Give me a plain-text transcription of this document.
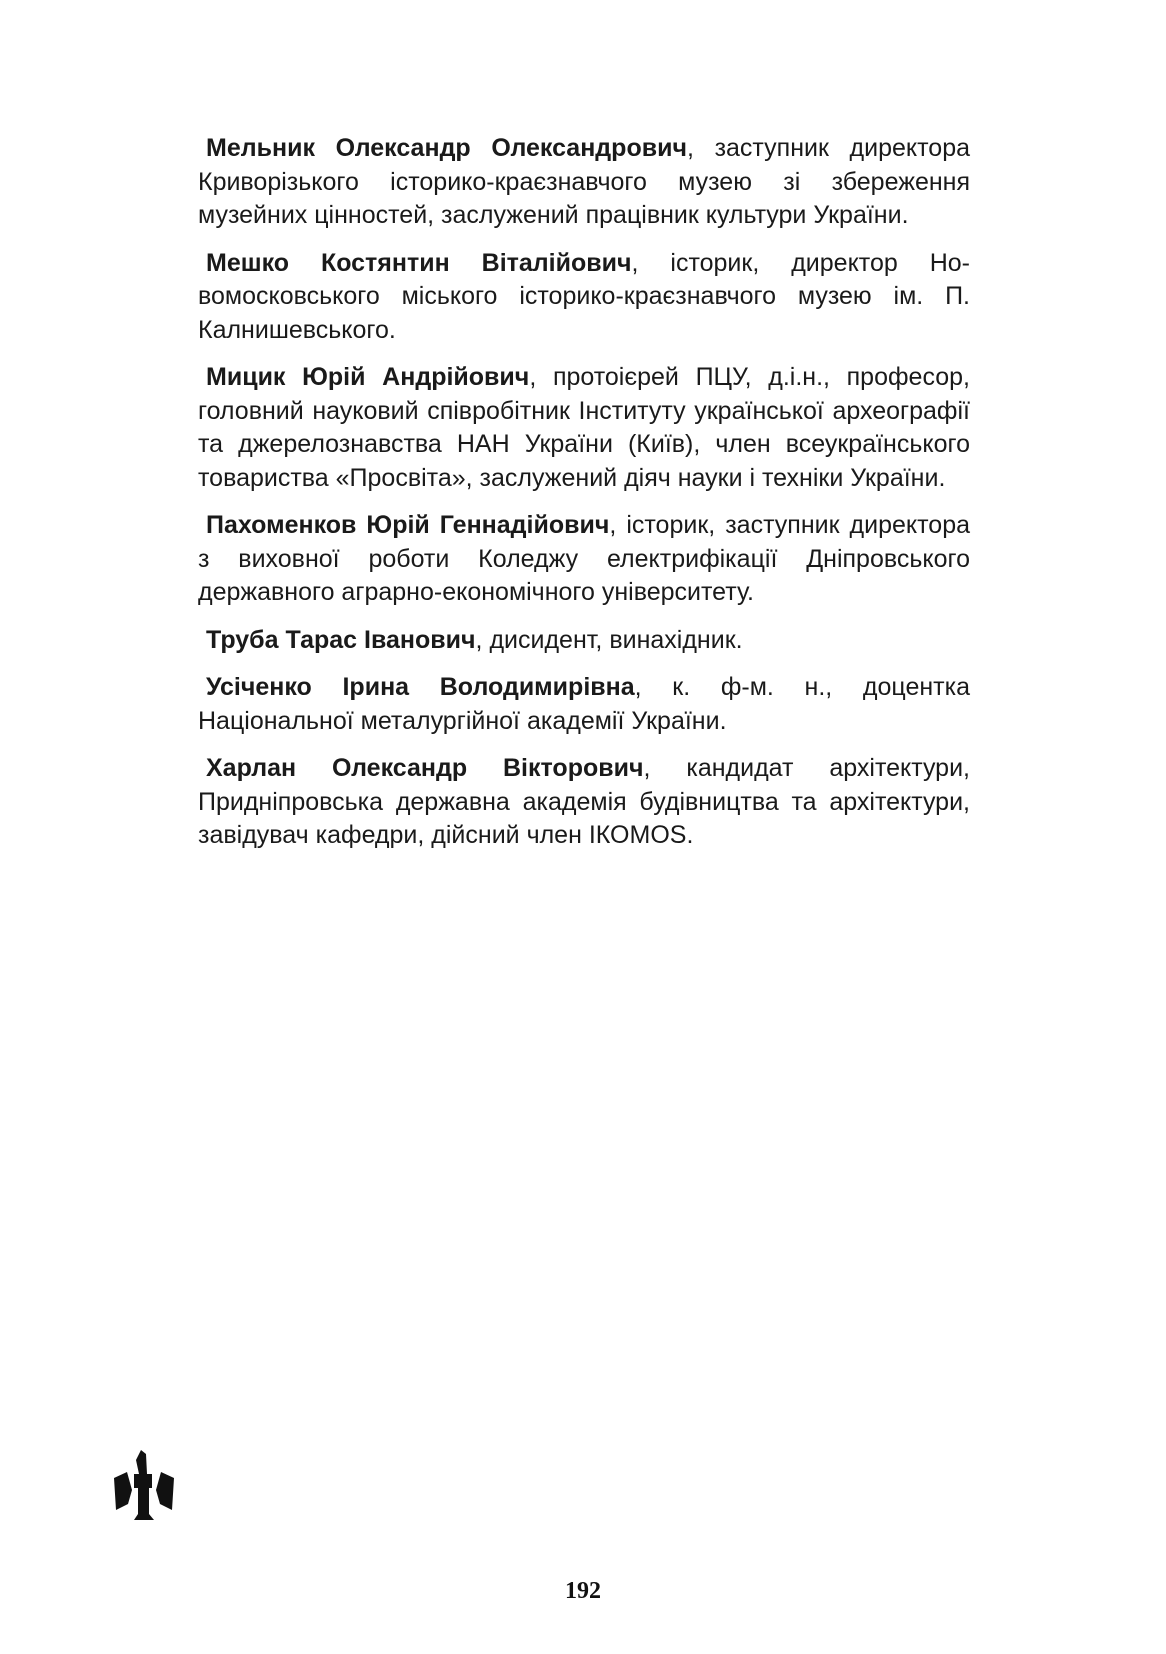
Мельник Олександр Олександрович, заступник директора Криворізького історико-краєзнавчого музею зі збереження музейних цінностей, заслужений працівник культури України.

Мешко Костянтин Віталійович, історик, директор Новомосковського міського історико-краєзнавчого музею ім. П. Калнишевського.

Мицик Юрій Андрійович, протоієрей ПЦУ, д.і.н., професор, головний науковий співробітник Інституту української археографії та джерелознавства НАН України (Київ), член всеукраїнського товариства «Просвіта», заслужений діяч науки і техніки України.

Пахоменков Юрій Геннадійович, історик, заступник директора з виховної роботи Коледжу електрифікації Дніпровського державного аграрно-економічного університету.

Труба Тарас Іванович, дисидент, винахідник.

Усіченко Ірина Володимирівна, к. ф-м. н., доцентка Національної металургійної академії України.

Харлан Олександр Вікторович, кандидат архітектури, Придніпровська державна академія будівництва та архітектури, завідувач кафедри, дійсний член ІКОМОS.

192
